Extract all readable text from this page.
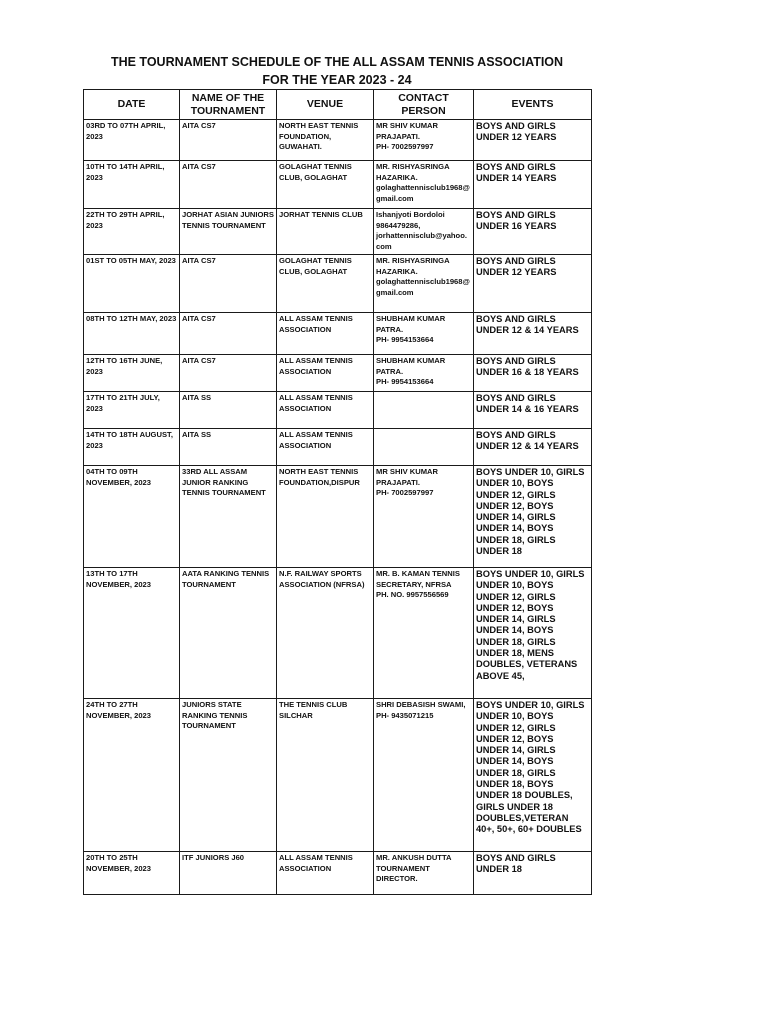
THE TOURNAMENT SCHEDULE OF THE ALL ASSAM TENNIS ASSOCIATION
FOR THE YEAR 2023 - 24
DATE	NAME OF THE TOURNAMENT	VENUE	CONTACT PERSON	EVENTS

03RD TO 07TH APRIL, 2023	AITA CS7	NORTH EAST TENNIS FOUNDATION, GUWAHATI.	MR SHIV KUMAR PRAJAPATI.
PH- 7002597997	BOYS AND GIRLS UNDER 12 YEARS

10TH TO 14TH APRIL, 2023	AITA CS7	GOLAGHAT TENNIS CLUB, GOLAGHAT	MR. RISHYASRINGA HAZARIKA.
golaghattennisclub1968@gmail.com	BOYS AND GIRLS UNDER 14 YEARS

22TH TO 29TH APRIL, 2023	JORHAT ASIAN JUNIORS TENNIS TOURNAMENT	JORHAT TENNIS CLUB	Ishanjyoti Bordoloi
9864479286,
jorhattennisclub@yahoo.com	BOYS AND GIRLS UNDER 16 YEARS

01ST TO 05TH MAY, 2023	AITA CS7	GOLAGHAT TENNIS CLUB, GOLAGHAT	MR. RISHYASRINGA HAZARIKA.
golaghattennisclub1968@gmail.com	BOYS AND GIRLS UNDER 12 YEARS

08TH TO 12TH MAY, 2023	AITA CS7	ALL ASSAM TENNIS ASSOCIATION	SHUBHAM KUMAR PATRA.
PH- 9954153664	BOYS AND GIRLS UNDER 12 & 14 YEARS

12TH TO 16TH JUNE, 2023	AITA CS7	ALL ASSAM TENNIS ASSOCIATION	SHUBHAM KUMAR PATRA.
PH- 9954153664	BOYS AND GIRLS UNDER 16 & 18 YEARS

17TH TO 21TH JULY, 2023	AITA SS	ALL ASSAM TENNIS ASSOCIATION		BOYS AND GIRLS UNDER 14 & 16 YEARS

14TH TO 18TH AUGUST, 2023	AITA SS	ALL ASSAM TENNIS ASSOCIATION		BOYS AND GIRLS UNDER 12 & 14 YEARS

04TH TO 09TH NOVEMBER, 2023	33RD ALL ASSAM JUNIOR RANKING TENNIS TOURNAMENT	NORTH EAST TENNIS FOUNDATION,DISPUR	MR SHIV KUMAR PRAJAPATI.
PH- 7002597997	BOYS UNDER 10, GIRLS UNDER 10, BOYS UNDER 12, GIRLS UNDER 12, BOYS UNDER 14, GIRLS UNDER 14, BOYS UNDER 18, GIRLS UNDER 18

13TH TO 17TH NOVEMBER, 2023	AATA RANKING TENNIS TOURNAMENT	N.F. RAILWAY SPORTS ASSOCIATION (NFRSA)	MR. B. KAMAN TENNIS SECRETARY, NFRSA
PH. NO. 9957556569	BOYS UNDER 10, GIRLS UNDER 10, BOYS UNDER 12, GIRLS UNDER 12, BOYS UNDER 14, GIRLS UNDER 14, BOYS UNDER 18, GIRLS UNDER 18, MENS DOUBLES, VETERANS ABOVE 45,

24TH TO 27TH NOVEMBER, 2023	JUNIORS STATE RANKING TENNIS TOURNAMENT	THE TENNIS CLUB SILCHAR	SHRI DEBASISH SWAMI, PH- 9435071215	BOYS UNDER 10, GIRLS UNDER 10, BOYS UNDER 12, GIRLS UNDER 12, BOYS UNDER 14, GIRLS UNDER 14, BOYS UNDER 18, GIRLS UNDER 18, BOYS UNDER 18 DOUBLES, GIRLS UNDER 18 DOUBLES,VETERAN 40+, 50+, 60+ DOUBLES

20TH TO 25TH NOVEMBER, 2023	ITF JUNIORS J60	ALL ASSAM TENNIS ASSOCIATION	MR. ANKUSH DUTTA TOURNAMENT DIRECTOR.	BOYS AND GIRLS UNDER 18
